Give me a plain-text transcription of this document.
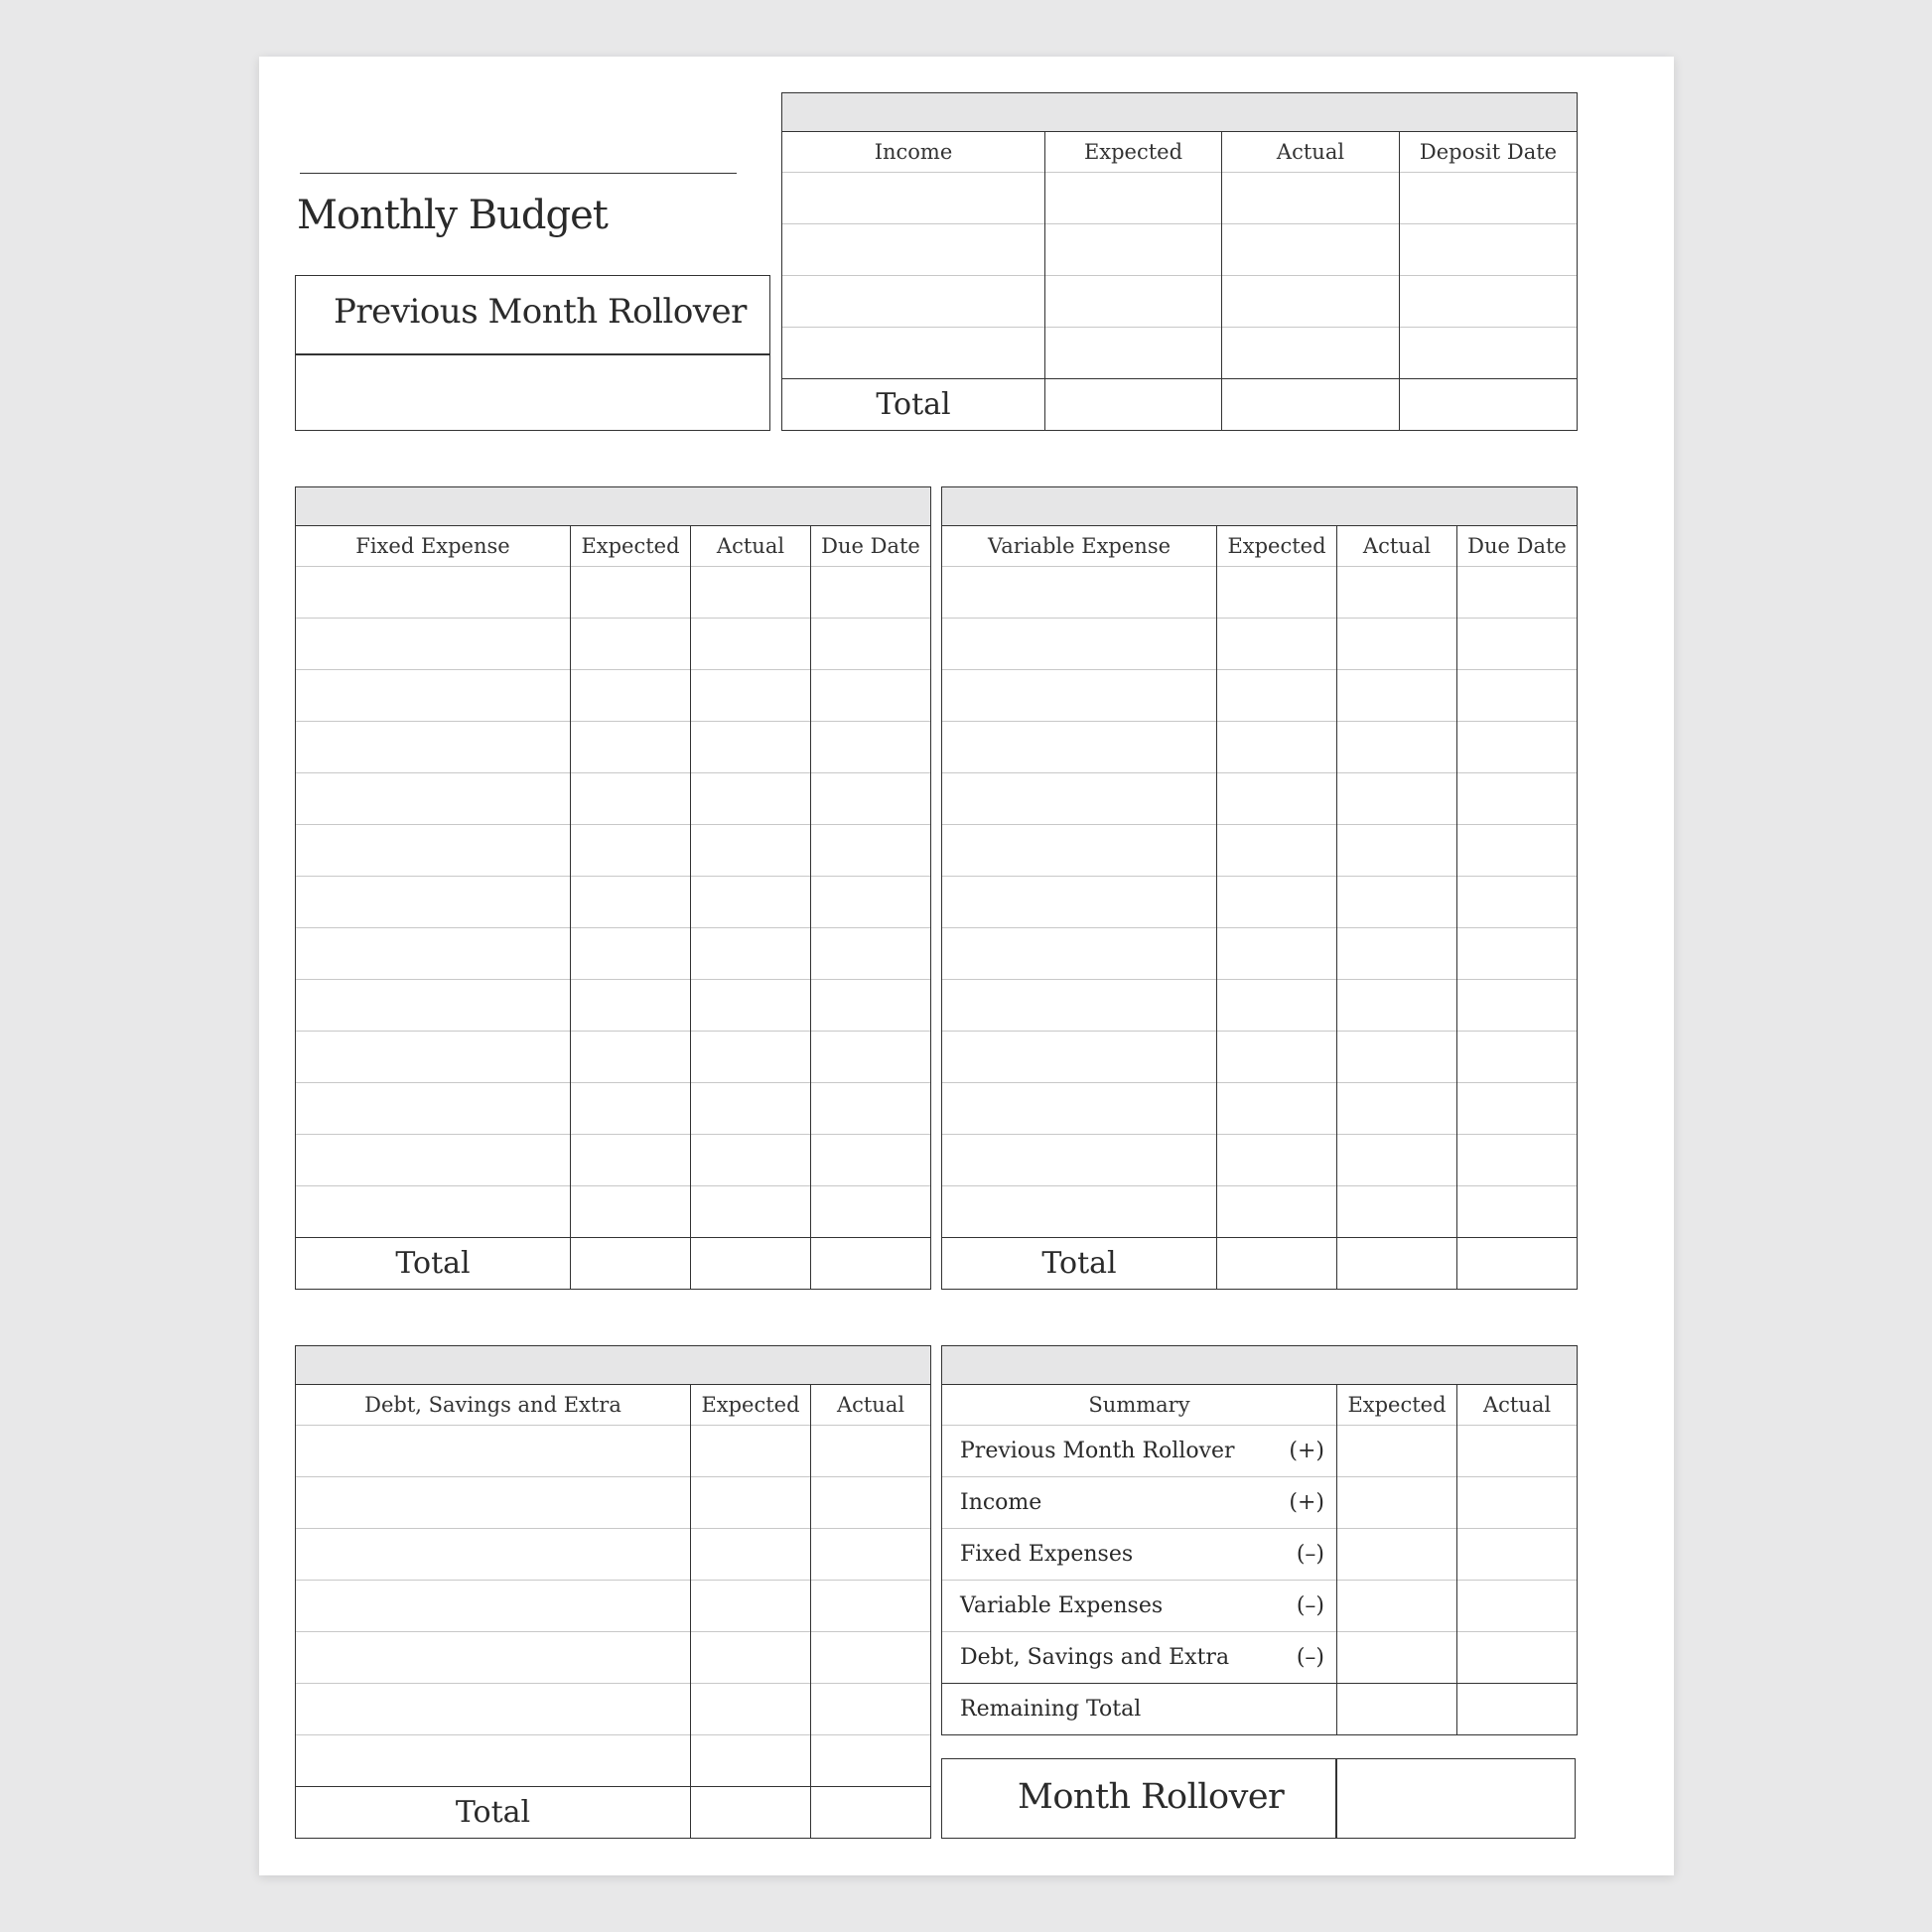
Monthly Budget
Previous Month Rollover

Income	Expected	Actual	Deposit Date

Total			

Fixed Expense	Expected	Actual	Due Date

Total			

Variable Expense	Expected	Actual	Due Date

Total			

Debt, Savings and Extra	Expected	Actual

Total		

Summary	Expected	Actual
Previous Month Rollover (+)		

Income (+)		

Fixed Expenses (–)		

Variable Expenses (–)		

Debt, Savings and Extra (–)		

Remaining Total		
Month Rollover
